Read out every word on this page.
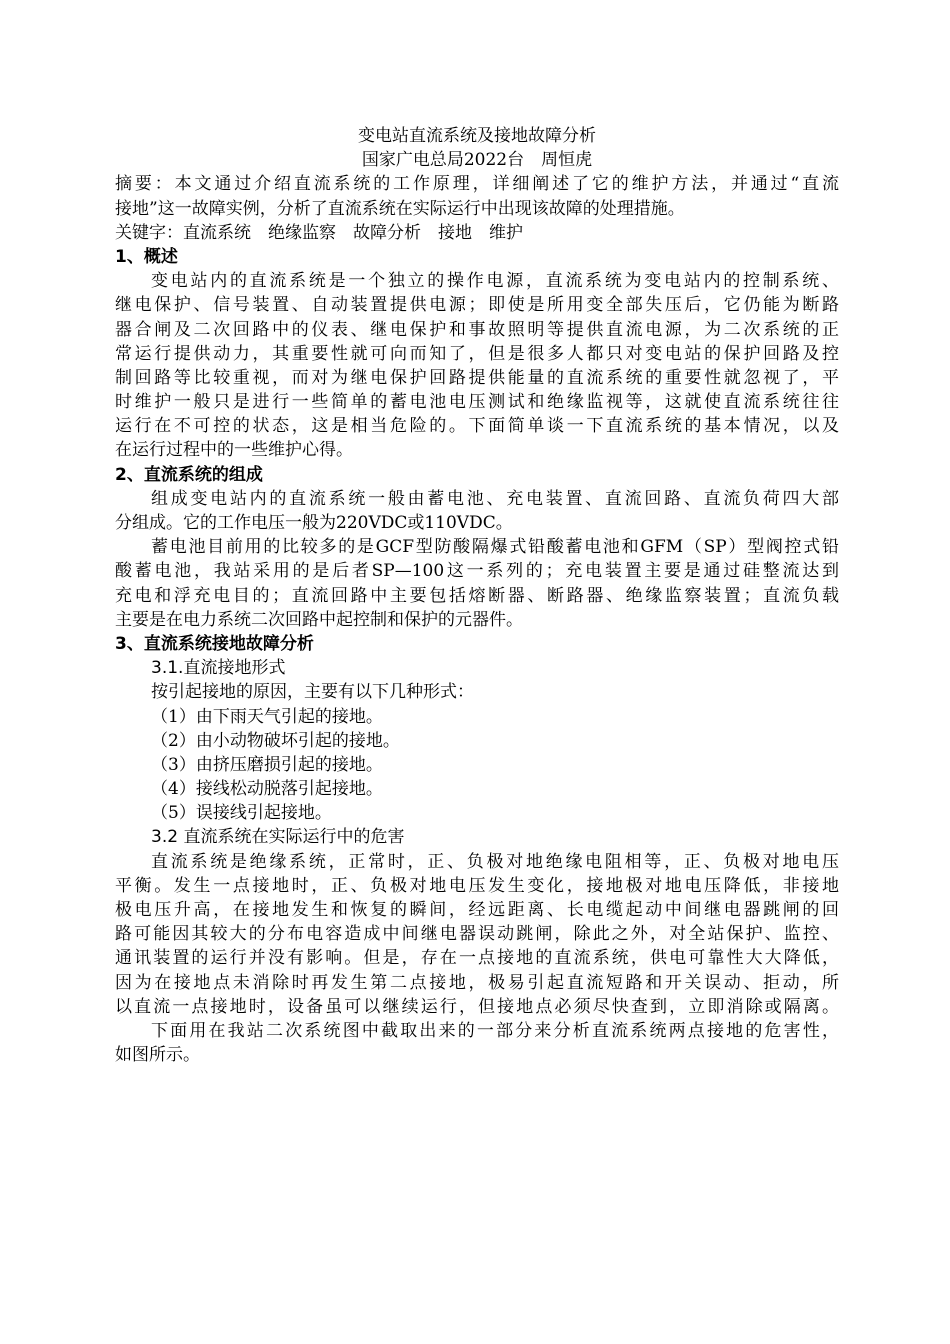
变电站直流系统及接地故障分析
国家广电总局2022台　周恒虎
摘要：本文通过介绍直流系统的工作原理，详细阐述了它的维护方法，并通过“直流
接地”这一故障实例，分析了直流系统在实际运行中出现该故障的处理措施。
关键字：直流系统　绝缘监察　故障分析　接地　维护
1、概述
变电站内的直流系统是一个独立的操作电源，直流系统为变电站内的控制系统、
继电保护、信号装置、自动装置提供电源；即使是所用变全部失压后，它仍能为断路
器合闸及二次回路中的仪表、继电保护和事故照明等提供直流电源，为二次系统的正
常运行提供动力，其重要性就可向而知了，但是很多人都只对变电站的保护回路及控
制回路等比较重视，而对为继电保护回路提供能量的直流系统的重要性就忽视了，平
时维护一般只是进行一些简单的蓄电池电压测试和绝缘监视等，这就使直流系统往往
运行在不可控的状态，这是相当危险的。下面简单谈一下直流系统的基本情况，以及
在运行过程中的一些维护心得。
2、直流系统的组成
组成变电站内的直流系统一般由蓄电池、充电装置、直流回路、直流负荷四大部
分组成。它的工作电压一般为220VDC或110VDC。
蓄电池目前用的比较多的是GCF型防酸隔爆式铅酸蓄电池和GFM（SP）型阀控式铅
酸蓄电池，我站采用的是后者SP—100这一系列的；充电装置主要是通过硅整流达到
充电和浮充电目的；直流回路中主要包括熔断器、断路器、绝缘监察装置；直流负载
主要是在电力系统二次回路中起控制和保护的元器件。
3、直流系统接地故障分析
3.1.直流接地形式
按引起接地的原因，主要有以下几种形式：
（1）由下雨天气引起的接地。
（2）由小动物破坏引起的接地。
（3）由挤压磨损引起的接地。
（4）接线松动脱落引起接地。
（5）误接线引起接地。
3.2 直流系统在实际运行中的危害
直流系统是绝缘系统，正常时，正、负极对地绝缘电阻相等，正、负极对地电压
平衡。发生一点接地时，正、负极对地电压发生变化，接地极对地电压降低，非接地
极电压升高，在接地发生和恢复的瞬间，经远距离、长电缆起动中间继电器跳闸的回
路可能因其较大的分布电容造成中间继电器误动跳闸，除此之外，对全站保护、监控、
通讯装置的运行并没有影响。但是，存在一点接地的直流系统，供电可靠性大大降低，
因为在接地点未消除时再发生第二点接地，极易引起直流短路和开关误动、拒动，所
以直流一点接地时，设备虽可以继续运行，但接地点必须尽快查到，立即消除或隔离。
下面用在我站二次系统图中截取出来的一部分来分析直流系统两点接地的危害性，
如图所示。
